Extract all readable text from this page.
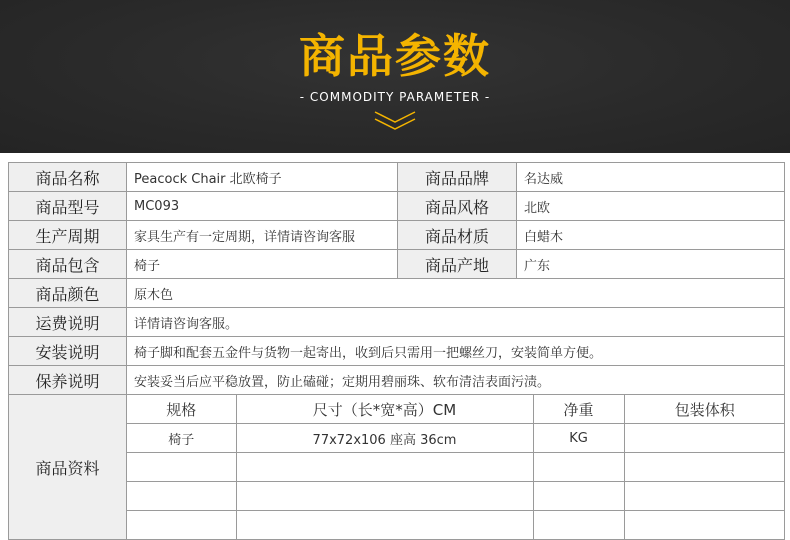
商品参数
- COMMODITY PARAMETER -
商品名称	Peacock Chair 北欧椅子	商品品牌	名达威
商品型号	MC093	商品风格	北欧
生产周期	家具生产有一定周期，详情请咨询客服	商品材质	白蜡木
商品包含	椅子	商品产地	广东
商品颜色	原木色
运费说明	详情请咨询客服。
安装说明	椅子脚和配套五金件与货物一起寄出，收到后只需用一把螺丝刀，安装简单方便。
保养说明	安装妥当后应平稳放置，防止磕碰；定期用碧丽珠、软布清洁表面污渍。
商品资料	
规格	尺寸（长*宽*高）CM	净重	包装体积
椅子	77x72x106 座高 36cm	KG	
